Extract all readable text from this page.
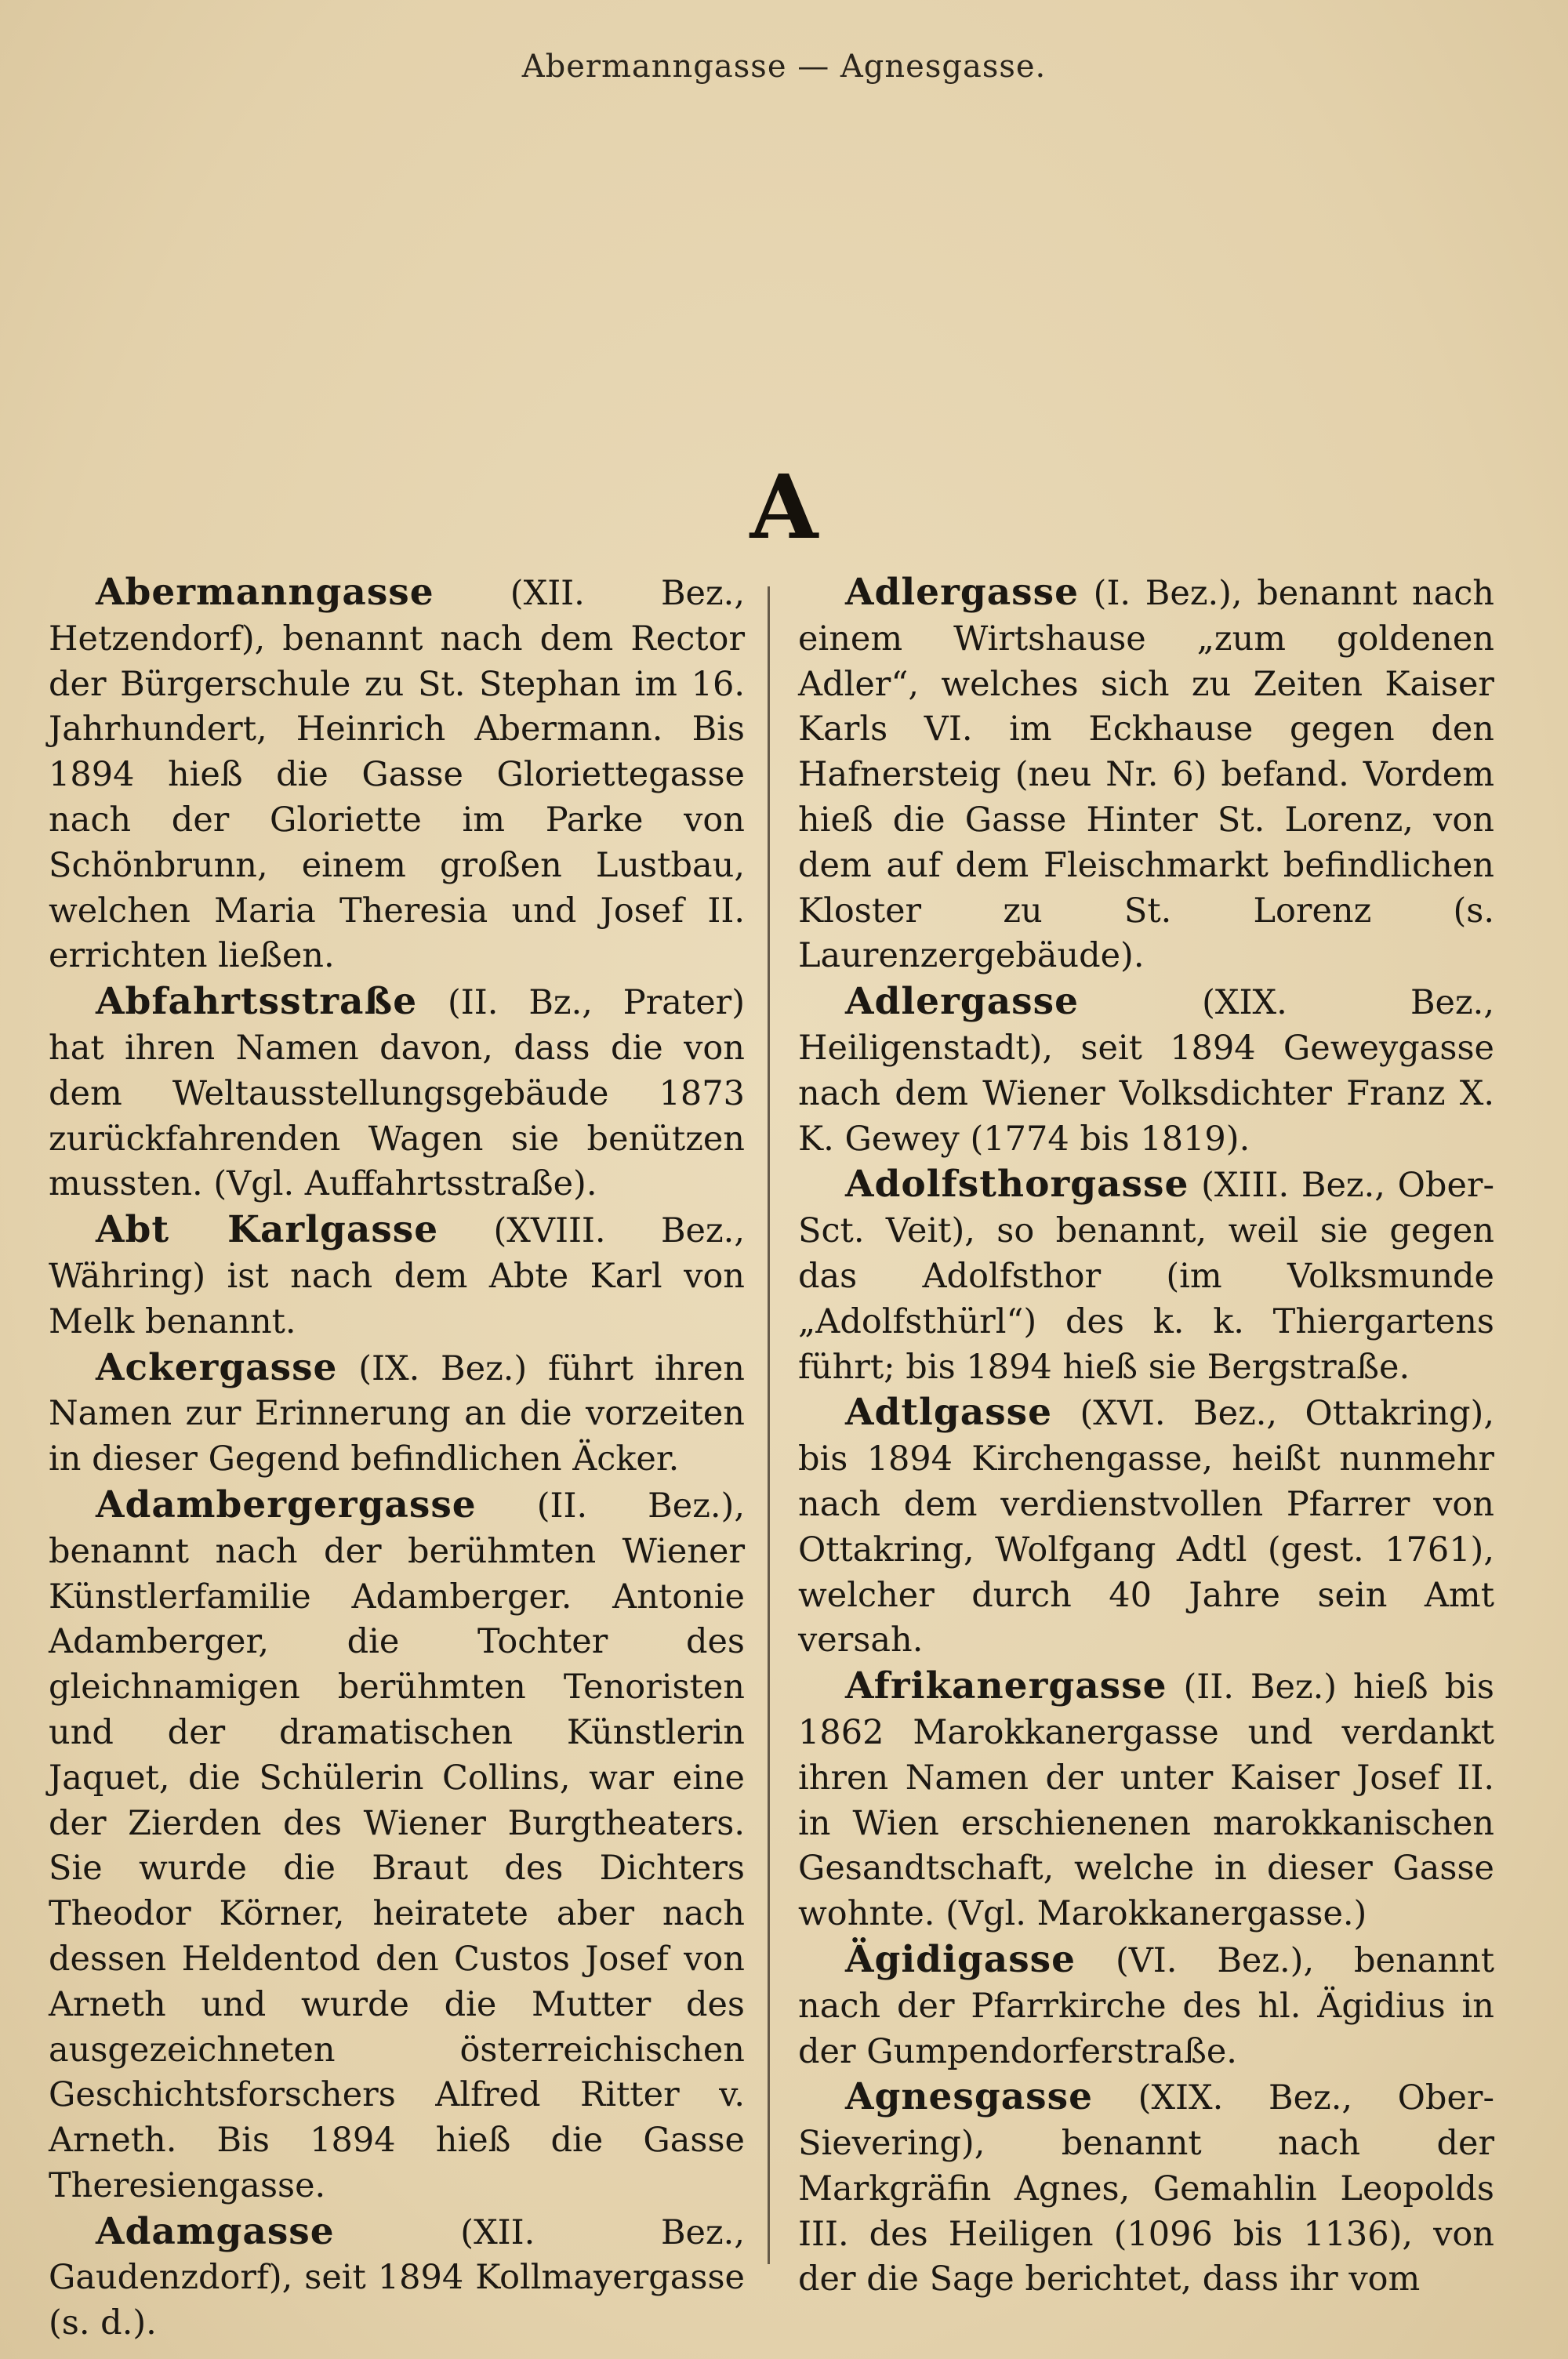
Abermanngasse — Agnesgasse.
A

Abermanngasse (XII. Bez., Hetzendorf), benannt nach dem Rector der Bürgerschule zu St. Stephan im 16. Jahrhundert, Heinrich Abermann. Bis 1894 hieß die Gasse Gloriettegasse nach der Gloriette im Parke von Schönbrunn, einem großen Lustbau, welchen Maria Theresia und Josef II. errichten ließen.

Abfahrtsstraße (II. Bz., Prater) hat ihren Namen davon, dass die von dem Weltausstellungsgebäude 1873 zurückfahrenden Wagen sie benützen mussten. (Vgl. Auffahrtsstraße).

Abt Karlgasse (XVIII. Bez., Währing) ist nach dem Abte Karl von Melk benannt.

Ackergasse (IX. Bez.) führt ihren Namen zur Erinnerung an die vorzeiten in dieser Gegend befindlichen Äcker.

Adambergergasse (II. Bez.), benannt nach der berühmten Wiener Künstlerfamilie Adamberger. Antonie Adamberger, die Tochter des gleichnamigen berühmten Tenoristen und der dramatischen Künstlerin Jaquet, die Schülerin Collins, war eine der Zierden des Wiener Burgtheaters. Sie wurde die Braut des Dichters Theodor Körner, heiratete aber nach dessen Heldentod den Custos Josef von Arneth und wurde die Mutter des ausgezeichneten österreichischen Geschichtsforschers Alfred Ritter v. Arneth. Bis 1894 hieß die Gasse Theresiengasse.

Adamgasse (XII. Bez., Gaudenzdorf), seit 1894 Kollmayergasse (s. d.).

Adlergasse (I. Bez.), benannt nach einem Wirtshause „zum goldenen Adler“, welches sich zu Zeiten Kaiser Karls VI. im Eckhause gegen den Hafnersteig (neu Nr. 6) befand. Vordem hieß die Gasse Hinter St. Lorenz, von dem auf dem Fleischmarkt befindlichen Kloster zu St. Lorenz (s. Laurenzergebäude).

Adlergasse (XIX. Bez., Heiligenstadt), seit 1894 Geweygasse nach dem Wiener Volksdichter Franz X. K. Gewey (1774 bis 1819).

Adolfsthorgasse (XIII. Bez., Ober-Sct. Veit), so benannt, weil sie gegen das Adolfsthor (im Volksmunde „Adolfsthürl“) des k. k. Thiergartens führt; bis 1894 hieß sie Bergstraße.

Adtlgasse (XVI. Bez., Ottakring), bis 1894 Kirchengasse, heißt nunmehr nach dem verdienstvollen Pfarrer von Ottakring, Wolfgang Adtl (gest. 1761), welcher durch 40 Jahre sein Amt versah.

Afrikanergasse (II. Bez.) hieß bis 1862 Marokkanergasse und verdankt ihren Namen der unter Kaiser Josef II. in Wien erschienenen marokkanischen Gesandtschaft, welche in dieser Gasse wohnte. (Vgl. Marokkanergasse.)

Ägidigasse (VI. Bez.), benannt nach der Pfarrkirche des hl. Ägidius in der Gumpendorferstraße.

Agnesgasse (XIX. Bez., Ober-Sievering), benannt nach der Markgräfin Agnes, Gemahlin Leopolds III. des Heiligen (1096 bis 1136), von der die Sage berichtet, dass ihr vom
